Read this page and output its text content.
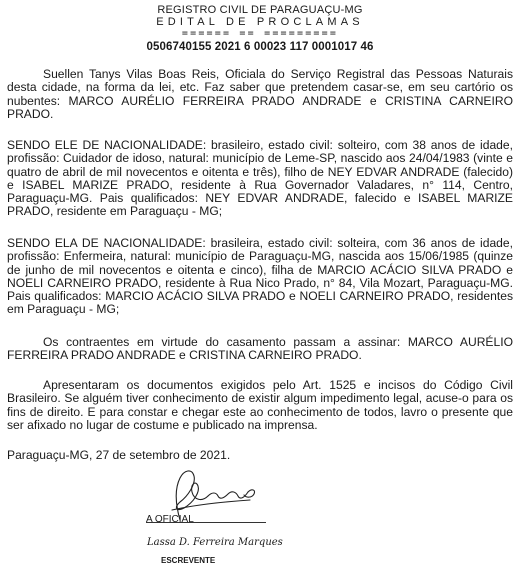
REGISTRO CIVIL DE PARAGUAÇU-MG
EDITAL DE PROCLAMAS
====== == =========
0506740155 2021 6 00023 117 0001017 46

Suellen Tanys Vilas Boas Reis, Oficiala do Serviço Registral das Pessoas Naturais desta cidade, na forma da lei, etc. Faz saber que pretendem casar-se, em seu cartório os nubentes: MARCO AURÉLIO FERREIRA PRADO ANDRADE e CRISTINA CARNEIRO PRADO.

SENDO ELE DE NACIONALIDADE: brasileiro, estado civil: solteiro, com 38 anos de idade, profissão: Cuidador de idoso, natural: município de Leme-SP, nascido aos 24/04/1983 (vinte e quatro de abril de mil novecentos e oitenta e três), filho de NEY EDVAR ANDRADE (falecido) e ISABEL MARIZE PRADO, residente à Rua Governador Valadares, n° 114, Centro, Paraguaçu-MG. Pais qualificados: NEY EDVAR ANDRADE, falecido e ISABEL MARIZE PRADO, residente em Paraguaçu - MG;

SENDO ELA DE NACIONALIDADE: brasileira, estado civil: solteira, com 36 anos de idade, profissão: Enfermeira, natural: município de Paraguaçu-MG, nascida aos 15/06/1985 (quinze de junho de mil novecentos e oitenta e cinco), filha de MARCIO ACÁCIO SILVA PRADO e NOELI CARNEIRO PRADO, residente à Rua Nico Prado, n° 84, Vila Mozart, Paraguaçu-MG. Pais qualificados: MARCIO ACÁCIO SILVA PRADO e NOELI CARNEIRO PRADO, residentes em Paraguaçu - MG;

Os contraentes em virtude do casamento passam a assinar: MARCO AURÉLIO FERREIRA PRADO ANDRADE e CRISTINA CARNEIRO PRADO.

Apresentaram os documentos exigidos pelo Art. 1525 e incisos do Código Civil Brasileiro. Se alguém tiver conhecimento de existir algum impedimento legal, acuse-o para os fins de direito. E para constar e chegar este ao conhecimento de todos, lavro o presente que ser afixado no lugar de costume e publicado na imprensa.

Paraguaçu-MG, 27 de setembro de 2021.
A OFICIAL
Lassa D. Ferreira Marques
ESCREVENTE
